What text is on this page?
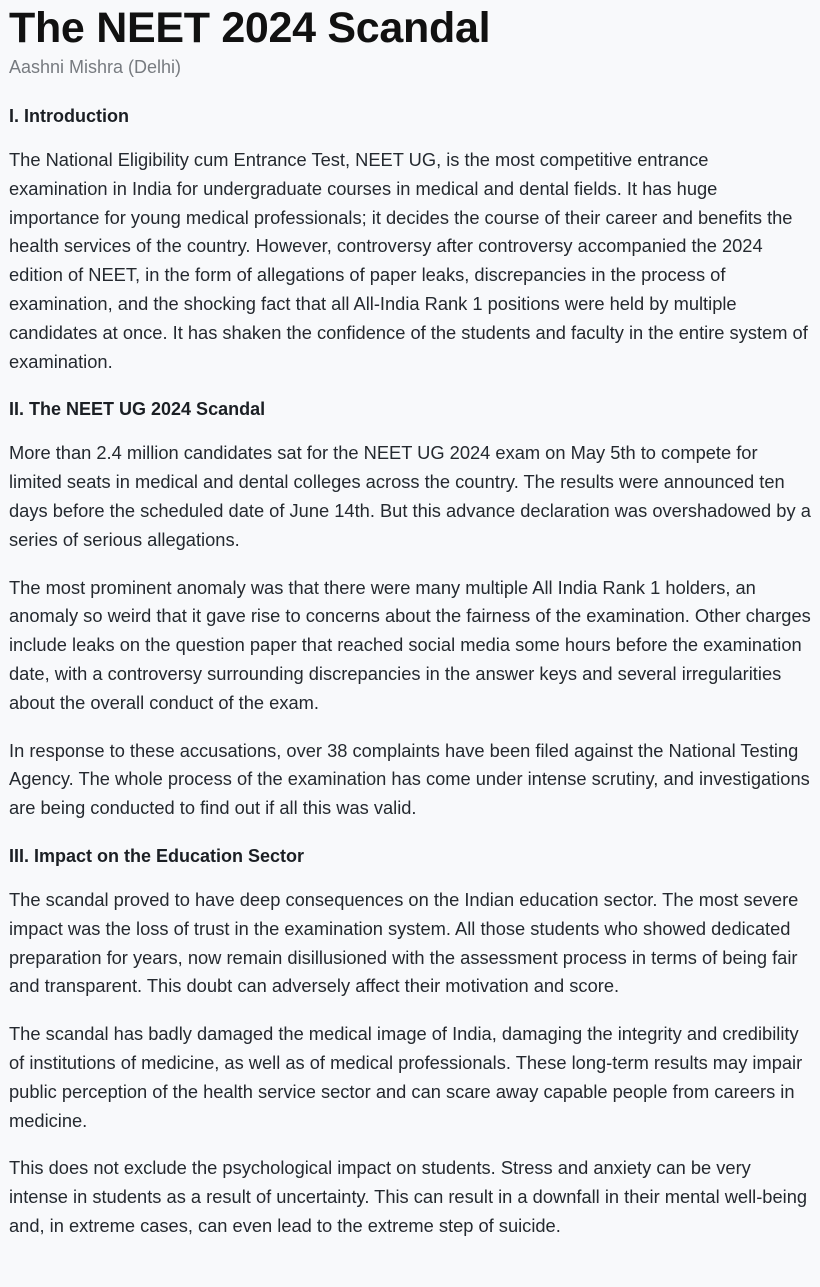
The NEET 2024 Scandal

Aashni Mishra (Delhi)

I. Introduction

The National Eligibility cum Entrance Test, NEET UG, is the most competitive entrance examination in India for undergraduate courses in medical and dental fields. It has huge importance for young medical professionals; it decides the course of their career and benefits the health services of the country. However, controversy after controversy accompanied the 2024 edition of NEET, in the form of allegations of paper leaks, discrepancies in the process of examination, and the shocking fact that all All-India Rank 1 positions were held by multiple candidates at once. It has shaken the confidence of the students and faculty in the entire system of examination.

II. The NEET UG 2024 Scandal

More than 2.4 million candidates sat for the NEET UG 2024 exam on May 5th to compete for limited seats in medical and dental colleges across the country. The results were announced ten days before the scheduled date of June 14th. But this advance declaration was overshadowed by a series of serious allegations.

The most prominent anomaly was that there were many multiple All India Rank 1 holders, an anomaly so weird that it gave rise to concerns about the fairness of the examination. Other charges include leaks on the question paper that reached social media some hours before the examination date, with a controversy surrounding discrepancies in the answer keys and several irregularities about the overall conduct of the exam.

In response to these accusations, over 38 complaints have been filed against the National Testing Agency. The whole process of the examination has come under intense scrutiny, and investigations are being conducted to find out if all this was valid.

III. Impact on the Education Sector

The scandal proved to have deep consequences on the Indian education sector. The most severe impact was the loss of trust in the examination system. All those students who showed dedicated preparation for years, now remain disillusioned with the assessment process in terms of being fair and transparent. This doubt can adversely affect their motivation and score.

The scandal has badly damaged the medical image of India, damaging the integrity and credibility of institutions of medicine, as well as of medical professionals. These long-term results may impair public perception of the health service sector and can scare away capable people from careers in medicine.

This does not exclude the psychological impact on students. Stress and anxiety can be very intense in students as a result of uncertainty. This can result in a downfall in their mental well-being and, in extreme cases, can even lead to the extreme step of suicide.
